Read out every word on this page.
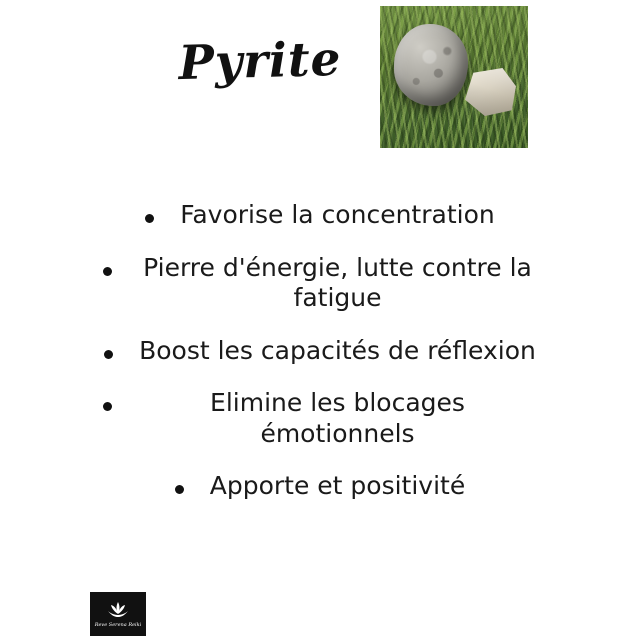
Pyrite
Favorise la concentration
Pierre d'énergie, lutte contre la fatigue
Boost les capacités de réflexion
Elimine les blocages émotionnels
Apporte et positivité
Reve Serena Reiki
